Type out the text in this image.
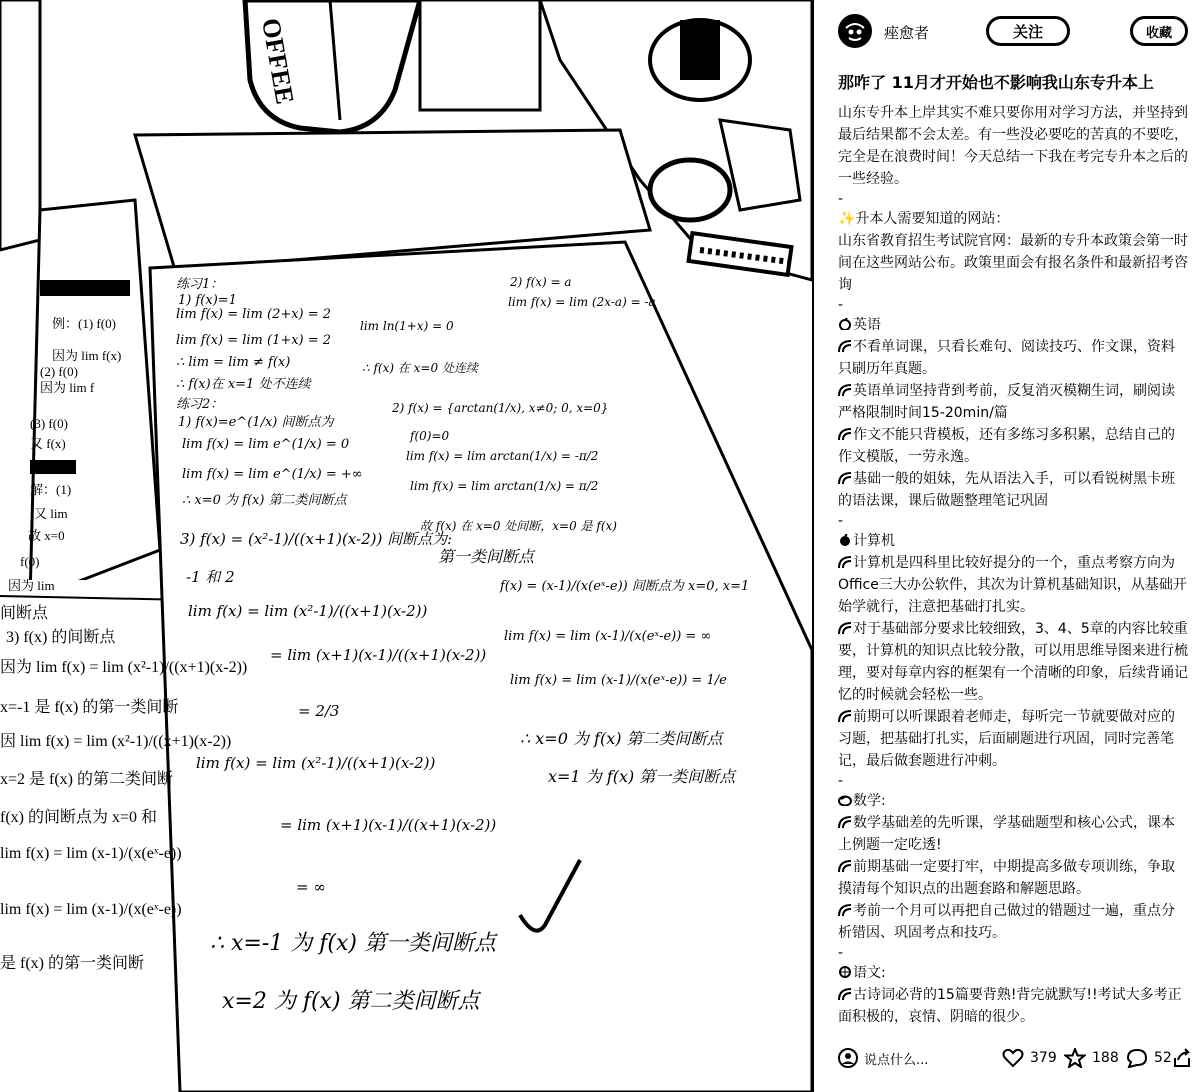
OFFEE
例：(1) f(0)
因为 lim f(x)
(2) f(0)
因为 lim f
(3) f(0)
又 f(x)
解：(1)
又 lim
故 x=0
f(0)
因为 lim
间断点
3) f(x) 的间断点
因为 lim f(x) = lim (x²-1)/((x+1)(x-2))
x=-1 是 f(x) 的第一类间断
因 lim f(x) = lim (x²-1)/((x+1)(x-2))
x=2 是 f(x) 的第二类间断
f(x) 的间断点为 x=0 和
lim f(x) = lim (x-1)/(x(eˣ-e))
lim f(x) = lim (x-1)/(x(eˣ-e))
是 f(x) 的第一类间断
练习1：
1) f(x)=1
lim f(x) = lim (2+x) = 2
lim f(x) = lim (1+x) = 2
∴ lim = lim ≠ f(x)
∴ f(x)在 x=1 处不连续
练习2：
1) f(x)=e^(1/x) 间断点为
lim f(x) = lim e^(1/x) = 0
lim f(x) = lim e^(1/x) = +∞
∴ x=0 为 f(x) 第二类间断点
3) f(x) = (x²-1)/((x+1)(x-2)) 间断点为:
-1 和 2
lim f(x) = lim (x²-1)/((x+1)(x-2))
= lim (x+1)(x-1)/((x+1)(x-2))
= 2/3
lim f(x) = lim (x²-1)/((x+1)(x-2))
= lim (x+1)(x-1)/((x+1)(x-2))
= ∞
∴ x=-1 为 f(x) 第一类间断点
x=2 为 f(x) 第二类间断点
2) f(x) = a
lim f(x) = lim (2x-a) = -a
lim ln(1+x) = 0
∴ f(x) 在 x=0 处连续
2) f(x) = {arctan(1/x), x≠0; 0, x=0}
f(0)=0
lim f(x) = lim arctan(1/x) = -π/2
lim f(x) = lim arctan(1/x) = π/2
故 f(x) 在 x=0 处间断，x=0 是 f(x)
第一类间断点
f(x) = (x-1)/(x(eˣ-e)) 间断点为 x=0, x=1
lim f(x) = lim (x-1)/(x(eˣ-e)) = ∞
lim f(x) = lim (x-1)/(x(eˣ-e)) = 1/e
∴ x=0 为 f(x) 第二类间断点
x=1 为 f(x) 第一类间断点
痤愈者	关注	收藏
那咋了 11月才开始也不影响我山东专升本上

山东专升本上岸其实不难只要你用对学习方法，并坚持到最后结果都不会太差。有一些没必要吃的苦真的不要吃，完全是在浪费时间！今天总结一下我在考完专升本之后的一些经验。

-

✨升本人需要知道的网站：

山东省教育招生考试院官网：最新的专升本政策会第一时间在这些网站公布。政策里面会有报名条件和最新招考咨询

-

英语

不看单词课，只看长难句、阅读技巧、作文课，资料只刷历年真题。

英语单词坚持背到考前，反复消灭模糊生词，刷阅读严格限制时间15-20min/篇

作文不能只背模板，还有多练习多积累，总结自己的作文模版，一劳永逸。

基础一般的姐妹，先从语法入手，可以看锐树黑卡班的语法课，课后做题整理笔记巩固

-

计算机

计算机是四科里比较好提分的一个，重点考察方向为Office三大办公软件，其次为计算机基础知识，从基础开始学就行，注意把基础打扎实。

对于基础部分要求比较细致，3、4、5章的内容比较重要，计算机的知识点比较分散，可以用思维导图来进行梳理，要对每章内容的框架有一个清晰的印象，后续背诵记忆的时候就会轻松一些。

前期可以听课跟着老师走，每听完一节就要做对应的习题，把基础打扎实，后面刷题进行巩固，同时完善笔记，最后做套题进行冲刺。

-

数学:

数学基础差的先听课，学基础题型和核心公式，课本上例题一定吃透!

前期基础一定要打牢，中期提高多做专项训练，争取摸清每个知识点的出题套路和解题思路。

考前一个月可以再把自己做过的错题过一遍，重点分析错因、巩固考点和技巧。

-

语文:

古诗词必背的15篇要背熟!背完就默写!!考试大多考正面积极的，哀情、阴暗的很少。

说点什么...	379	188	52
